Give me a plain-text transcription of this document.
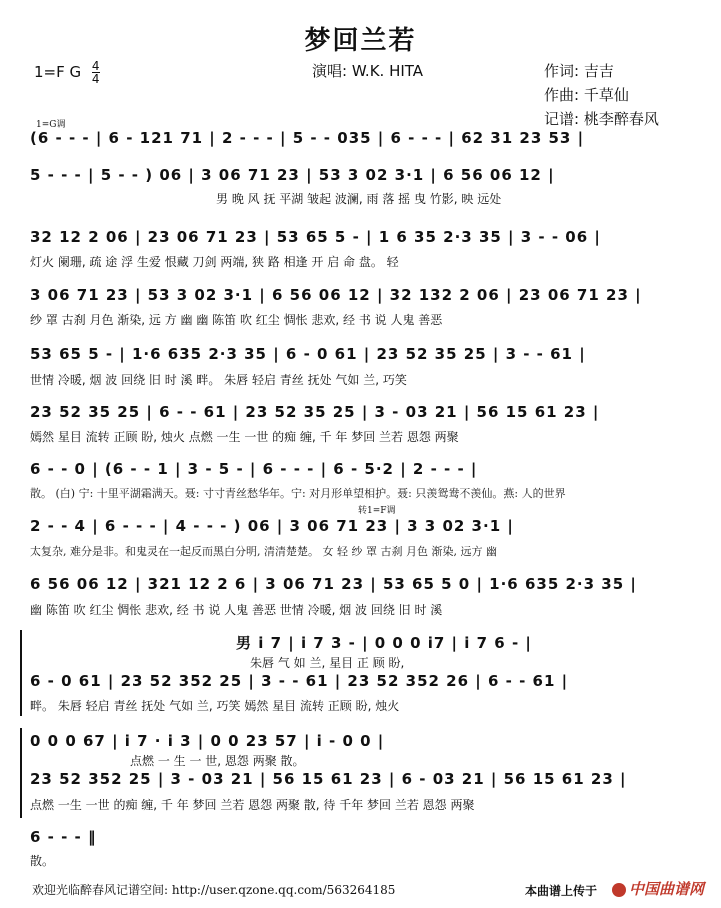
梦回兰若
1=F G $\frac{4}{4}$	演唱: W.K. HITA	作词: 吉吉
作曲: 千草仙
记谱: 桃李醉春风
1=G调
(6 - - - | 6 - 121 71 | 2 - - - | 5 - - 035 | 6 - - - | 62 31 23 53 |
5 - - - | 5 - - ) 06 | 3 06 71 23 | 53 3 02 3·1 | 6 56 06 12 |
男 晚 风 抚 平湖 皱起 波澜, 雨 落 摇 曳 竹影, 映 远处
32 12 2 06 | 23 06 71 23 | 53 65 5 - | 1 6 35 2·3 35 | 3 - - 06 |
灯火 阑珊, 疏 途 浮 生爱 恨藏 刀剑 两端, 狭 路 相逢 开 启 命 盘。 轻
3 06 71 23 | 53 3 02 3·1 | 6 56 06 12 | 32 132 2 06 | 23 06 71 23 |
纱 罩 古刹 月色 渐染, 远 方 幽 幽 陈笛 吹 红尘 惆怅 悲欢, 经 书 说 人鬼 善恶
53 65 5 - | 1·6 635 2·3 35 | 6 - 0 61 | 23 52 35 25 | 3 - - 61 |
世情 冷暖, 烟 波 回绕 旧 时 溪 畔。 朱唇 轻启 青丝 抚处 气如 兰, 巧笑
23 52 35 25 | 6 - - 61 | 23 52 35 25 | 3 - 03 21 | 56 15 61 23 |
嫣然 星目 流转 正顾 盼, 烛火 点燃 一生 一世 的痴 缠, 千 年 梦回 兰若 恩怨 两聚
6 - - 0 | (6 - - 1 | 3 - 5 - | 6 - - - | 6 - 5·2 | 2 - - - |
散。 (白) 宁: 十里平湖霜满天。聂: 寸寸青丝愁华年。宁: 对月形单望相护。聂: 只羡鸳鸯不羡仙。燕: 人的世界
转1=F调
2 - - 4 | 6 - - - | 4 - - - ) 06 | 3 06 71 23 | 3 3 02 3·1 |
太复杂, 难分是非。和鬼灵在一起反而黑白分明, 清清楚楚。 女 轻 纱 罩 古刹 月色 渐染, 远方 幽
6 56 06 12 | 321 12 2 6 | 3 06 71 23 | 53 65 5 0 | 1·6 635 2·3 35 |
幽 陈笛 吹 红尘 惆怅 悲欢, 经 书 说 人鬼 善恶 世情 冷暖, 烟 波 回绕 旧 时 溪
男 i 7 | i 7 3 - | 0 0 0 i7 | i 7 6 - |
朱唇 气 如 兰, 星目 正 顾 盼,
6 - 0 61 | 23 52 352 25 | 3 - - 61 | 23 52 352 26 | 6 - - 61 |
畔。 朱唇 轻启 青丝 抚处 气如 兰, 巧笑 嫣然 星目 流转 正顾 盼, 烛火
0 0 0 67 | i 7 · i 3 | 0 0 23 57 | i - 0 0 |
点燃 一 生 一 世, 恩怨 两聚 散。
23 52 352 25 | 3 - 03 21 | 56 15 61 23 | 6 - 03 21 | 56 15 61 23 |
点燃 一生 一世 的痴 缠, 千 年 梦回 兰若 恩怨 两聚 散, 待 千年 梦回 兰若 恩怨 两聚
6 - - - ‖
散。
欢迎光临醉春风记谱空间: http://user.qzone.qq.com/563264185	本曲谱上传于	中国曲谱网
